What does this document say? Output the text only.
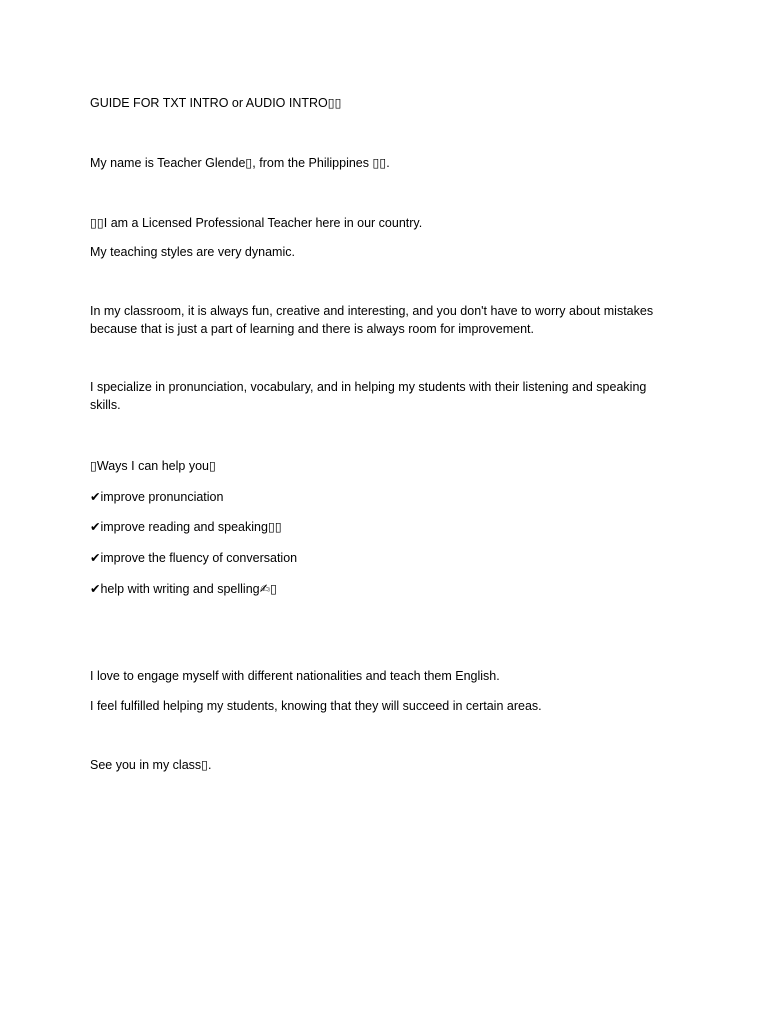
GUIDE FOR TXT INTRO or AUDIO INTRO▯▯
My name is Teacher Glende▯, from the Philippines ▯▯.
▯▯I am a Licensed Professional Teacher here in our country.
My teaching styles are very dynamic.
In my classroom, it is always fun, creative and interesting, and you don't have to worry about mistakes because that is just a part of learning and there is always room for improvement.
I specialize in pronunciation, vocabulary, and in helping my students with their listening and speaking skills.
▯Ways I can help you▯
✔improve pronunciation
✔improve reading and speaking▯▯
✔improve the fluency of conversation
✔help with writing and spelling✍▯
I love to engage myself with different nationalities and teach them English.
I feel fulfilled helping my students, knowing that they will succeed in certain areas.
See you in my class▯.
